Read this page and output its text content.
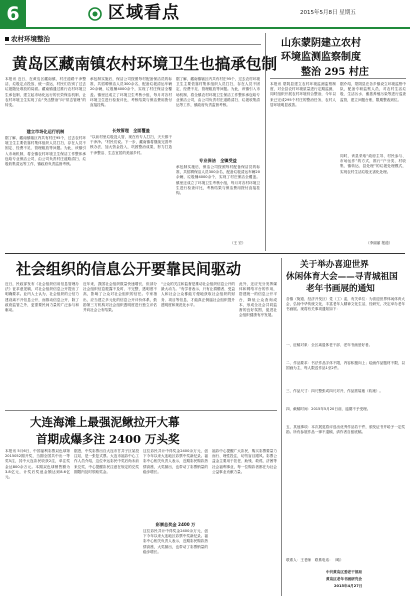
6	区域看点	2015年5月8日 星期五
农村环境整治
黄岛区藏南镇农村环境卫生也搞承包制
本报讯 近日，在黄岛区藏南镇，村庄道路干净整洁，垃圾定点投放、统一清运，村民们告别了过去垃圾随处堆放的局面。藏南镇通过推行农村环境卫生承包制，建立起市场化运行的长效保洁机制，让农村环境卫生实现了由“突击整治”向“常态管理”的转变。
建立市场化运行机制
据了解，藏南镇辖区内共有村庄95个，过去农村环境卫生主要依靠村集体组织人员打扫，存在人员不固定、经费不足、管理粗放等问题。为此，该镇引入市场机制，将全镇农村环境卫生保洁工作整体承包给专业保洁公司，由公司负责村庄道路清扫、垃圾收集清运等工作，镇政府负责监督考核。
承包制实施后，保洁公司按照每村配备保洁员的标准，共招聘保洁人员300余名，配备垃圾清运车辆20余辆，垃圾桶4000余个，实现了村庄保洁全覆盖。镇里还成立了环境卫生考核小组，每月对各村环境卫生进行检查评比，考核结果与保洁费用拨付直接挂钩。
长效管理　全面覆盖
“以前村里垃圾没人管，现在有专人打扫，天天都干干净净。”村民们说。下一步，藏南镇将继续完善考核办法，加大资金投入，巩固整治成果，努力打造干净整洁、生态宜居的美丽乡村。
据了解，藏南镇辖区内共有村庄95个，过去农村环境卫生主要依靠村集体组织人员打扫，存在人员不固定、经费不足、管理粗放等问题。为此，该镇引入市场机制，将全镇农村环境卫生保洁工作整体承包给专业保洁公司，由公司负责村庄道路清扫、垃圾收集清运等工作，镇政府负责监督考核。
专业保洁　全镇受益
承包制实施后，保洁公司按照每村配备保洁员的标准，共招聘保洁人员300余名，配备垃圾清运车辆20余辆，垃圾桶4000余个，实现了村庄保洁全覆盖。镇里还成立了环境卫生考核小组，每月对各村环境卫生进行检查评比，考核结果与保洁费用拨付直接挂钩。
（王 宏）
山东蒙阴建立农村
环境监测监察制度
整治 295 村庄
本报讯 蒙阴县建立农村环境监测监察制度，对全县农村环境质量进行定期监测，同时组织开展农村环境综合整治，今年以来已完成295个村庄的整治任务，农村人居环境明显改善。
据介绍，蒙阴县在各乡镇设立环境监察中队，配备专职监察人员，对农村生活垃圾、生活污水、畜禽养殖污染等进行巡查监管，建立问题台账，限期整改到位。
同时，该县采取“政府主导、村民参与、市场运作”的方式，推行“户分类、村收集、镇转运、县处理”的垃圾处理模式，实现农村生活垃圾无害化处理。
（李丽丽 报道）
社会组织的信息公开要靠民间驱动
近日，民政部发布《社会组织信用信息管理办法》征求意见稿，对社会组织信息公开提出了明确要求。业内人士认为，社会组织的公信力建设离不开信息公开，而推动信息公开，除了政府监管之外，更需要民间力量的广泛参与和驱动。
近年来，我国社会组织数量快速增长，但部分社会组织信息披露不及时、不完整，透明度不高，影响了公众对社会组织的信任。专家指出，应当建立多元化的信息公开评价体系，鼓励第三方机构对社会组织透明度进行独立评估并向社会公布结果。
“公众的关注和监督是推动社会组织信息公开的最大动力。”有学者表示，只有让捐赠者、受益人和社会公众都能方便地获取社会组织的财务、项目等信息，才能真正倒逼社会组织提升透明度和规范化水平。
此外，还应充分发挥媒体和网络平台的作用，搭建统一的信息公开平台，降低公众查询成本，形成全社会共同监督的良好氛围，促进社会组织健康有序发展。
大连海滩上最强泥鳅拉开大幕
首期成爆多注 2400 万头奖
本报讯 5月6日，中国福利彩票双色球第2015052期开奖，当期全国共中出一等奖5注，其中大连彩民收获2注，单注奖金达800余万元。本期双色球销售额为3.8亿元，计奖后奖池金额达到8.6亿元。
据悉，中奖彩票出自大连市甘井子区某投注站，是一张复式票。大连市福彩中心工作人员介绍，这位幸运彩民中奖后尚未前来兑奖，中心提醒彩民注意在规定的兑奖期限内及时领取奖金。
这位彩民共计中得奖金2400余万元，创下今年以来大连地区彩票中奖新纪录。福彩中心相关负责人表示，近期彩民购彩热情高涨，大奖频出，也带动了彩票销量的稳步增长。
彩票总奖金 2400 万
这位彩民共计中得奖金2400余万元，创下今年以来大连地区彩票中奖新纪录。福彩中心相关负责人表示，近期彩民购彩热情高涨，大奖频出，也带动了彩票销量的稳步增长。
福彩中心提醒广大彩民，购买彩票要量力而行、理性投注，切勿盲目跟风。彩票公益金主要用于扶老、助残、救孤、济困等社会福利事业，每一位购彩者都在为社会公益事业贡献力量。
关于举办喜迎世界
休闲体育大会——寻青城祖国
老年书画展的通知
各镇（街道、经济开发区）党（工）委，有关单位：为喜迎世界休闲体育大会，弘扬中华传统文化，丰富老年人精神文化生活，经研究，决定举办老年书画展。现将有关事项通知如下：
一、征稿对象：全区离退休老干部、老年书画爱好者。
二、作品要求：书法作品字体不限，内容积极向上；绘画作品题材不限，以国画为主，每人限送作品1至2件。
三、作品尺寸：四尺整张或四尺对开，作品需装裱（软裱）。
四、截稿时间：2015年5月20日前，逾期不予受理。
五、其他事项：本次展览将评选出优秀作品若干件，颁发证书并给予一定奖励。所有参展作品一律不退稿，请作者自留底稿。
联系人：王老师　联系电话：（略）
中共黄岛区委老干部局
黄岛区老年书画研究会
2015年4月27日
